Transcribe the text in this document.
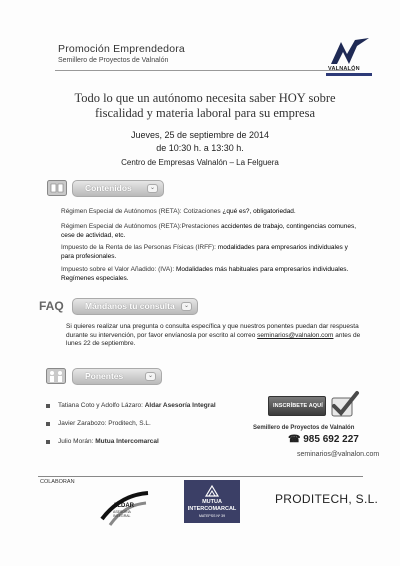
Promoción Emprendedora
Semillero de Proyectos de Valnalón
VALNALÓN
Todo lo que un autónomo necesita saber HOY sobre fiscalidad y materia laboral para su empresa
Jueves, 25 de septiembre de 2014
de 10:30 h. a 13:30 h.
Centro de Empresas Valnalón – La Felguera
Contenidos	⌄
Régimen Especial de Autónomos (RETA): Cotizaciones ¿qué es?, obligatoriedad.
Régimen Especial de Autónomos (RETA):Prestaciones accidentes de trabajo, contingencias comunes, cese de actividad, etc.
Impuesto de la Renta de las Personas Físicas (IRFF): modalidades para empresarios individuales y para profesionales.
Impuesto sobre el Valor Añadido: (IVA): Modalidades más habituales para empresarios individuales. Regímenes especiales.
FAQ	Mándanos tu consulta	⌄
Si quieres realizar una pregunta o consulta específica y que nuestros ponentes puedan dar respuesta durante su intervención, por favor envíanosla por escrito al correo seminarios@valnalon.com antes de lunes 22 de septiembre.
Ponentes	⌄
Tatiana Coto y Adolfo Lázaro: Aldar Asesoría Integral
Javier Zarabozo: Proditech, S.L.
Julio Morán: Mutua Intercomarcal
INSCRÍBETE AQUÍ
Semillero de Proyectos de Valnalón
☎ 985 692 227
seminarios@valnalon.com
COLABORAN
ALDAR
ASESORÍA
INTEGRAL
MUTUA
INTERCOMARCAL
MATEPSS Nº 39
PRODITECH, S.L.
